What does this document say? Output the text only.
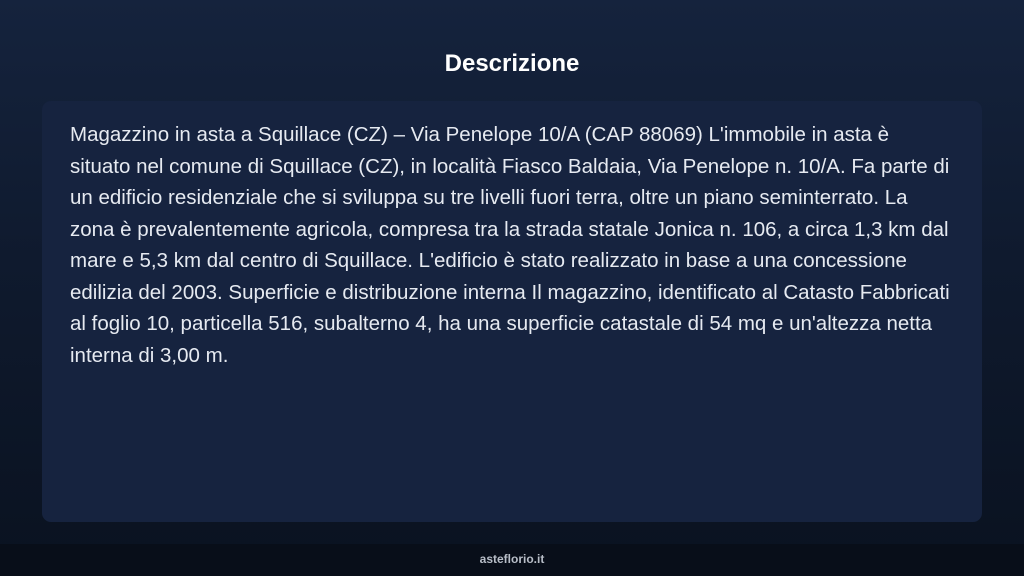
Descrizione

Magazzino in asta a Squillace (CZ) – Via Penelope 10/A (CAP 88069) L'immobile in asta è situato nel comune di Squillace (CZ), in località Fiasco Baldaia, Via Penelope n. 10/A. Fa parte di un edificio residenziale che si sviluppa su tre livelli fuori terra, oltre un piano seminterrato. La zona è prevalentemente agricola, compresa tra la strada statale Jonica n. 106, a circa 1,3 km dal mare e 5,3 km dal centro di Squillace. L'edificio è stato realizzato in base a una concessione edilizia del 2003. Superficie e distribuzione interna Il magazzino, identificato al Catasto Fabbricati al foglio 10, particella 516, subalterno 4, ha una superficie catastale di 54 mq e un'altezza netta interna di 3,00 m.

asteflorio.it
